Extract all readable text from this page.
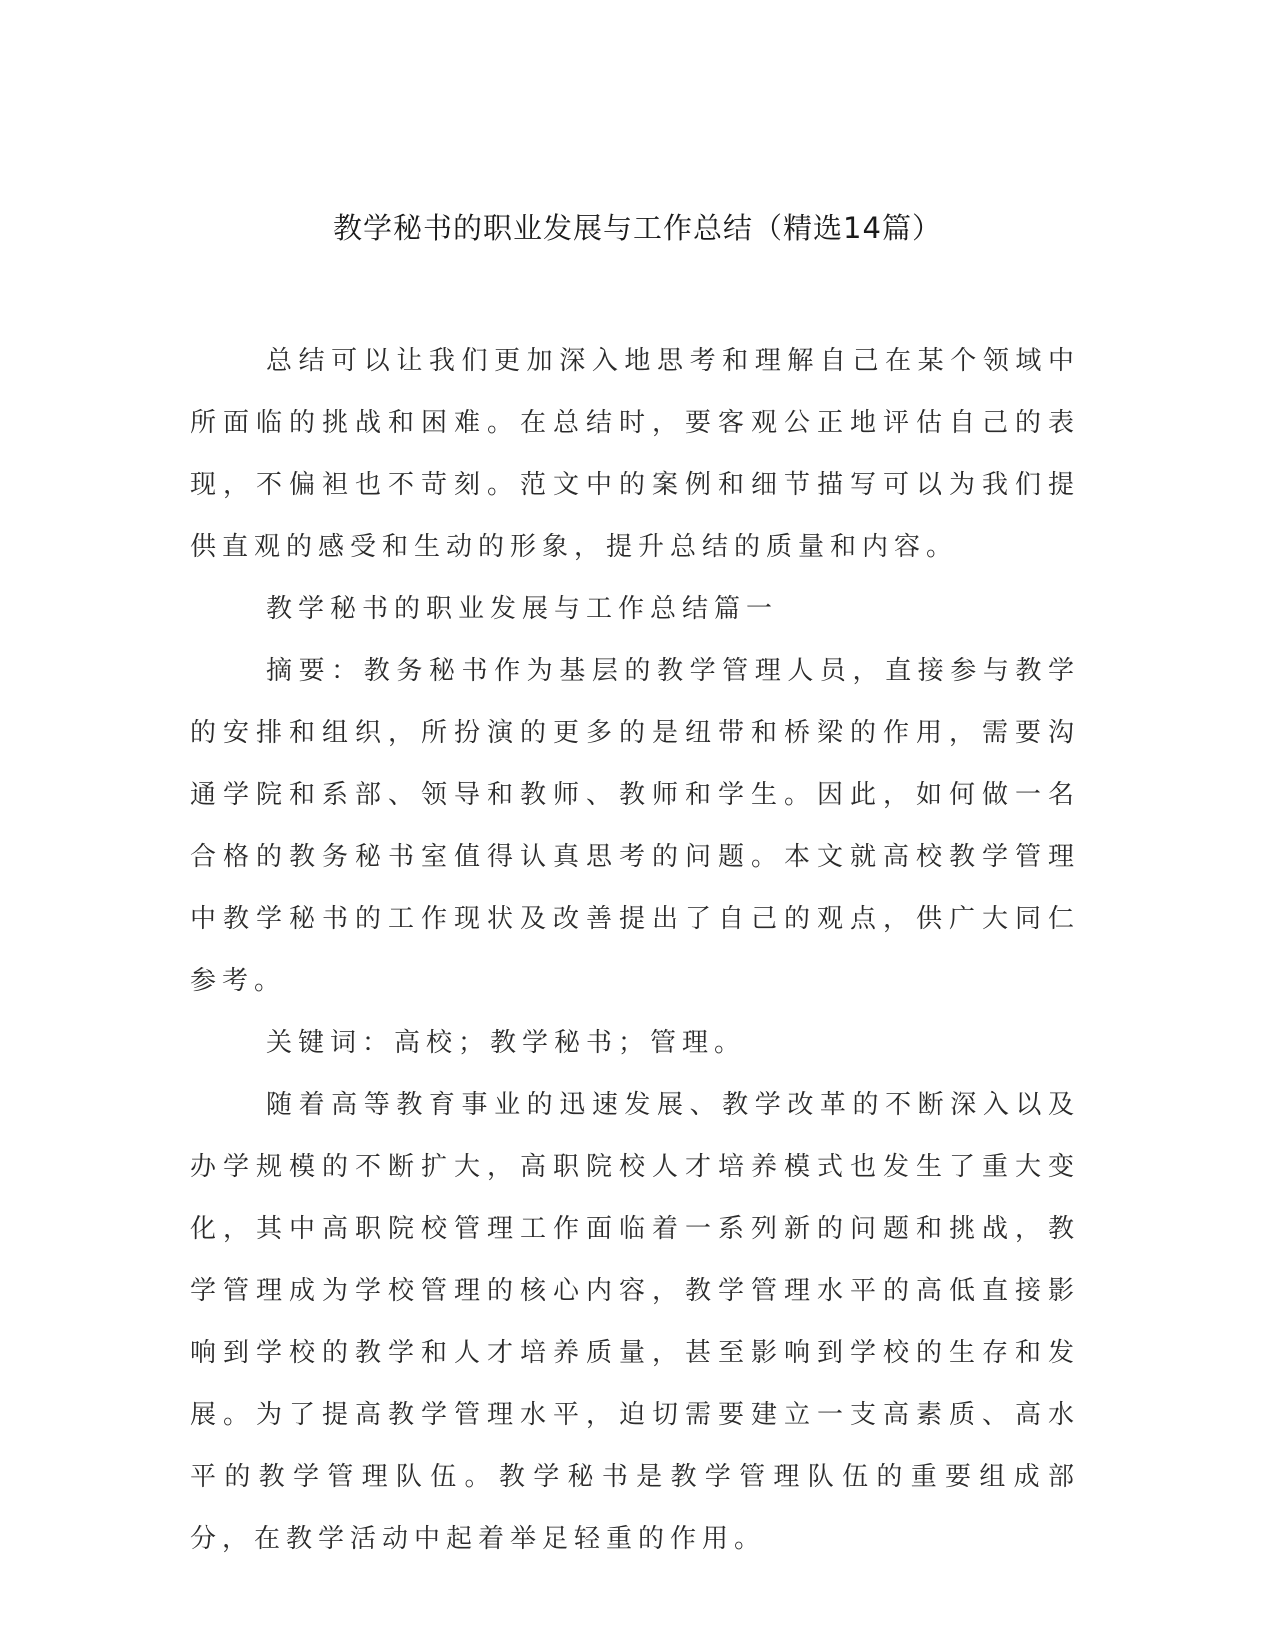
教学秘书的职业发展与工作总结（精选14篇）

总结可以让我们更加深入地思考和理解自己在某个领域中所面临的挑战和困难。在总结时，要客观公正地评估自己的表现，不偏袒也不苛刻。范文中的案例和细节描写可以为我们提供直观的感受和生动的形象，提升总结的质量和内容。

教学秘书的职业发展与工作总结篇一

摘要：教务秘书作为基层的教学管理人员，直接参与教学的安排和组织，所扮演的更多的是纽带和桥梁的作用，需要沟通学院和系部、领导和教师、教师和学生。因此，如何做一名合格的教务秘书室值得认真思考的问题。本文就高校教学管理中教学秘书的工作现状及改善提出了自己的观点，供广大同仁参考。

关键词：高校；教学秘书；管理。

随着高等教育事业的迅速发展、教学改革的不断深入以及办学规模的不断扩大，高职院校人才培养模式也发生了重大变化，其中高职院校管理工作面临着一系列新的问题和挑战，教学管理成为学校管理的核心内容，教学管理水平的高低直接影响到学校的教学和人才培养质量，甚至影响到学校的生存和发展。为了提高教学管理水平，迫切需要建立一支高素质、高水平的教学管理队伍。教学秘书是教学管理队伍的重要组成部分，在教学活动中起着举足轻重的作用。
